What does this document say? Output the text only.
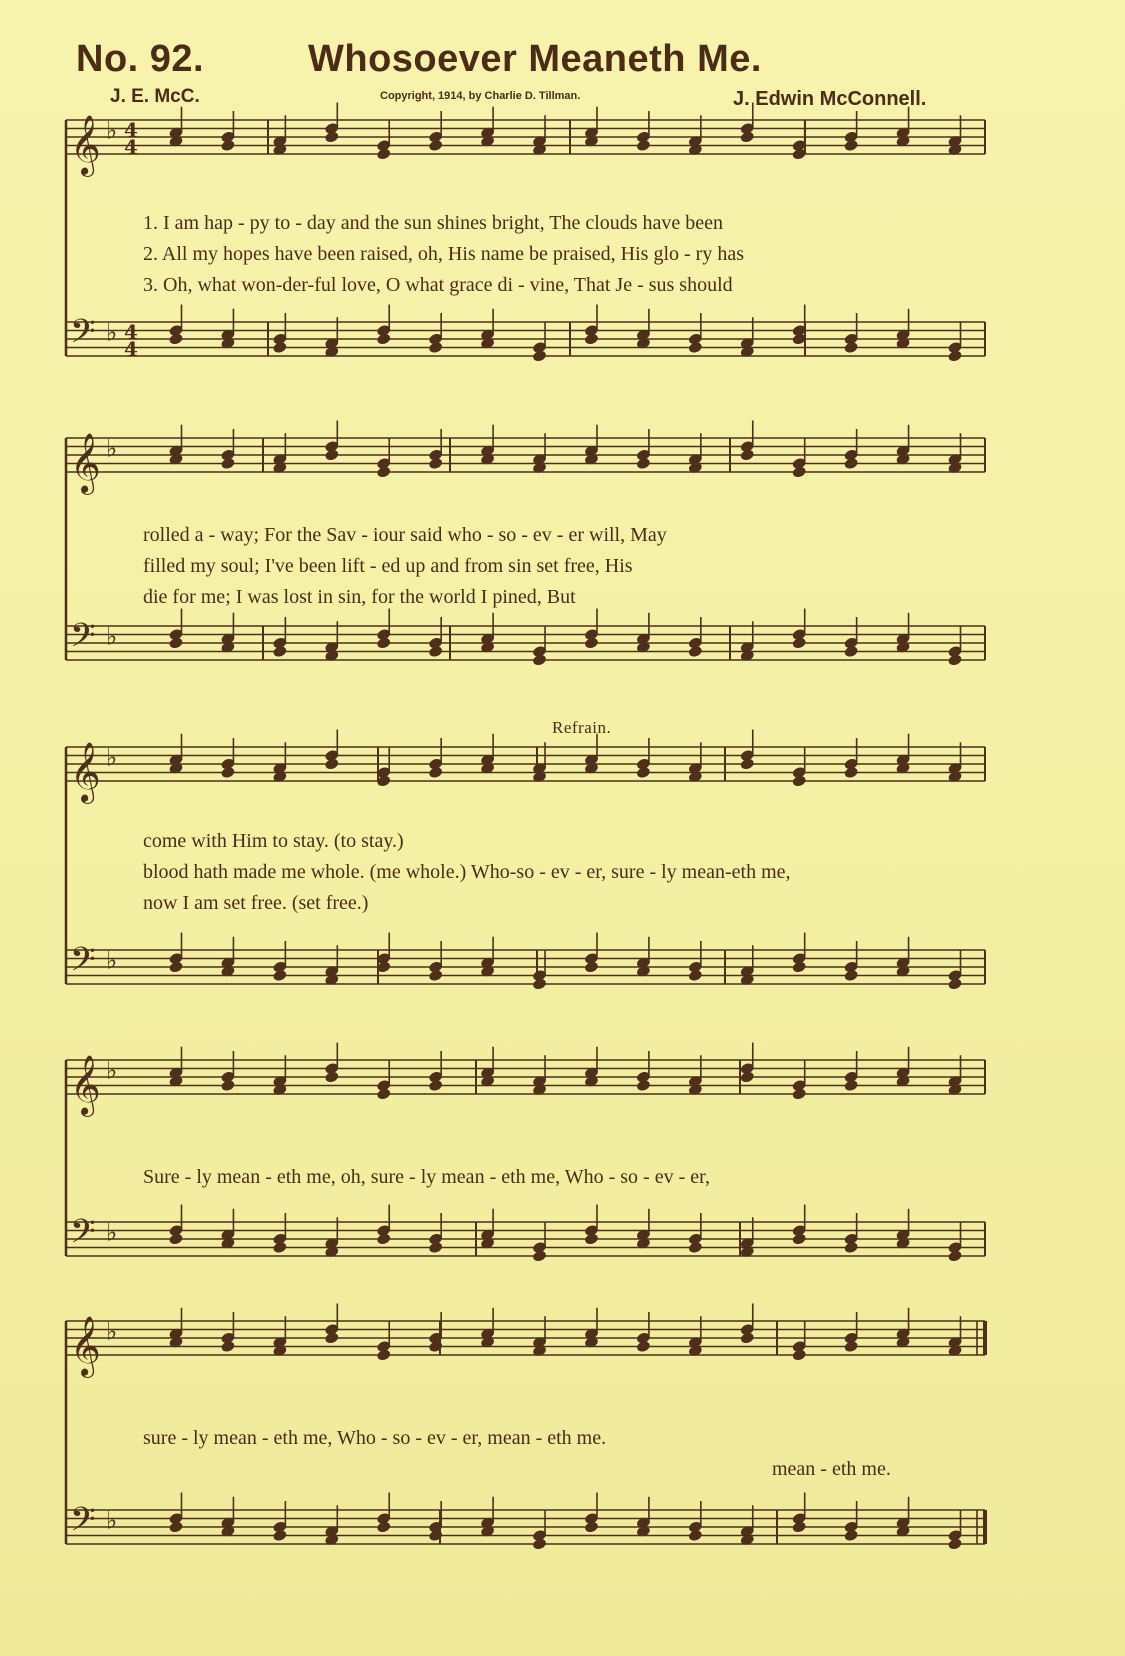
No. 92.	Whosoever Meaneth Me.
J. E. McC.	Copyright, 1914, by Charlie D. Tillman.	J. Edwin McConnell.
𝄞 ♭
𝄢 ♭
𝄞 ♭
𝄢 ♭
𝄞 ♭
𝄢 ♭
𝄞 ♭
𝄢 ♭
𝄞 ♭
𝄢 ♭
4
4
4
4
Refrain.
1. I am hap - py to - day and the sun shines bright, The clouds have been
2. All my hopes have been raised, oh, His name be praised, His glo - ry has
3. Oh, what won-der-ful love, O what grace di - vine, That Je - sus should
rolled a - way; For the Sav - iour said who - so - ev - er will, May
filled my soul; I've been lift - ed up and from sin set free, His
die for me; I was lost in sin, for the world I pined, But
come with Him to stay. (to stay.)
blood hath made me whole. (me whole.) Who-so - ev - er, sure - ly mean-eth me,
now I am set free. (set free.)
Sure - ly mean - eth me, oh, sure - ly mean - eth me, Who - so - ev - er,
sure - ly mean - eth me, Who - so - ev - er, mean - eth me.
mean - eth me.
